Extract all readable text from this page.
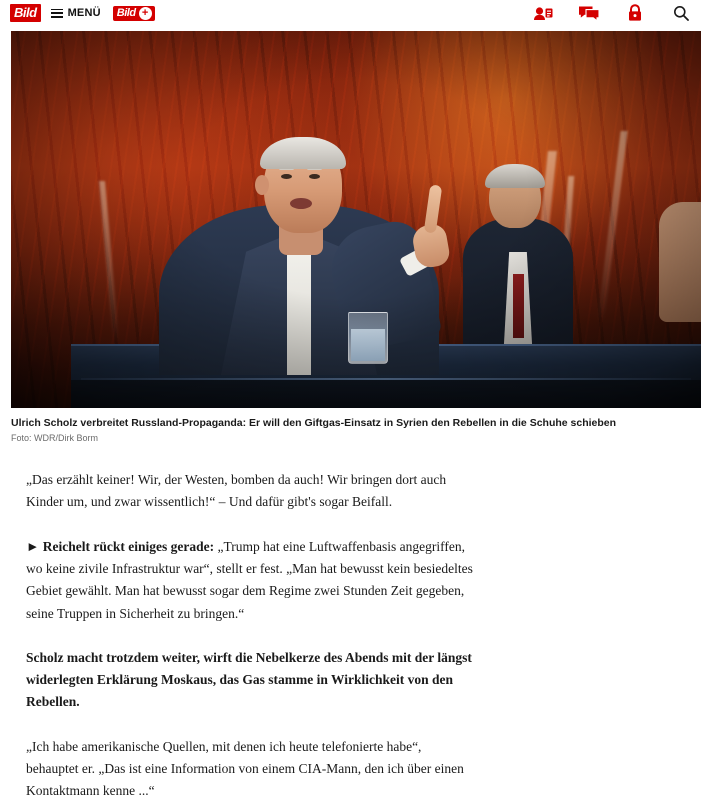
Bild	MENÜ Bild +
Ulrich Scholz verbreitet Russland-Propaganda: Er will den Giftgas-Einsatz in Syrien den Rebellen in die Schuhe schieben
Foto: WDR/Dirk Borm

„Das erzählt keiner! Wir, der Westen, bomben da auch! Wir bringen dort auch Kinder um, und zwar wissentlich!“ – Und dafür gibt's sogar Beifall.

► Reichelt rückt einiges gerade: „Trump hat eine Luftwaffenbasis angegriffen, wo keine zivile Infrastruktur war“, stellt er fest. „Man hat bewusst kein besiedeltes Gebiet gewählt. Man hat bewusst sogar dem Regime zwei Stunden Zeit gegeben, seine Truppen in Sicherheit zu bringen.“

Scholz macht trotzdem weiter, wirft die Nebelkerze des Abends mit der längst widerlegten Erklärung Moskaus, das Gas stamme in Wirklichkeit von den Rebellen.

„Ich habe amerikanische Quellen, mit denen ich heute telefonierte habe“, behauptet er. „Das ist eine Information von einem CIA-Mann, den ich über einen Kontaktmann kenne ...“
